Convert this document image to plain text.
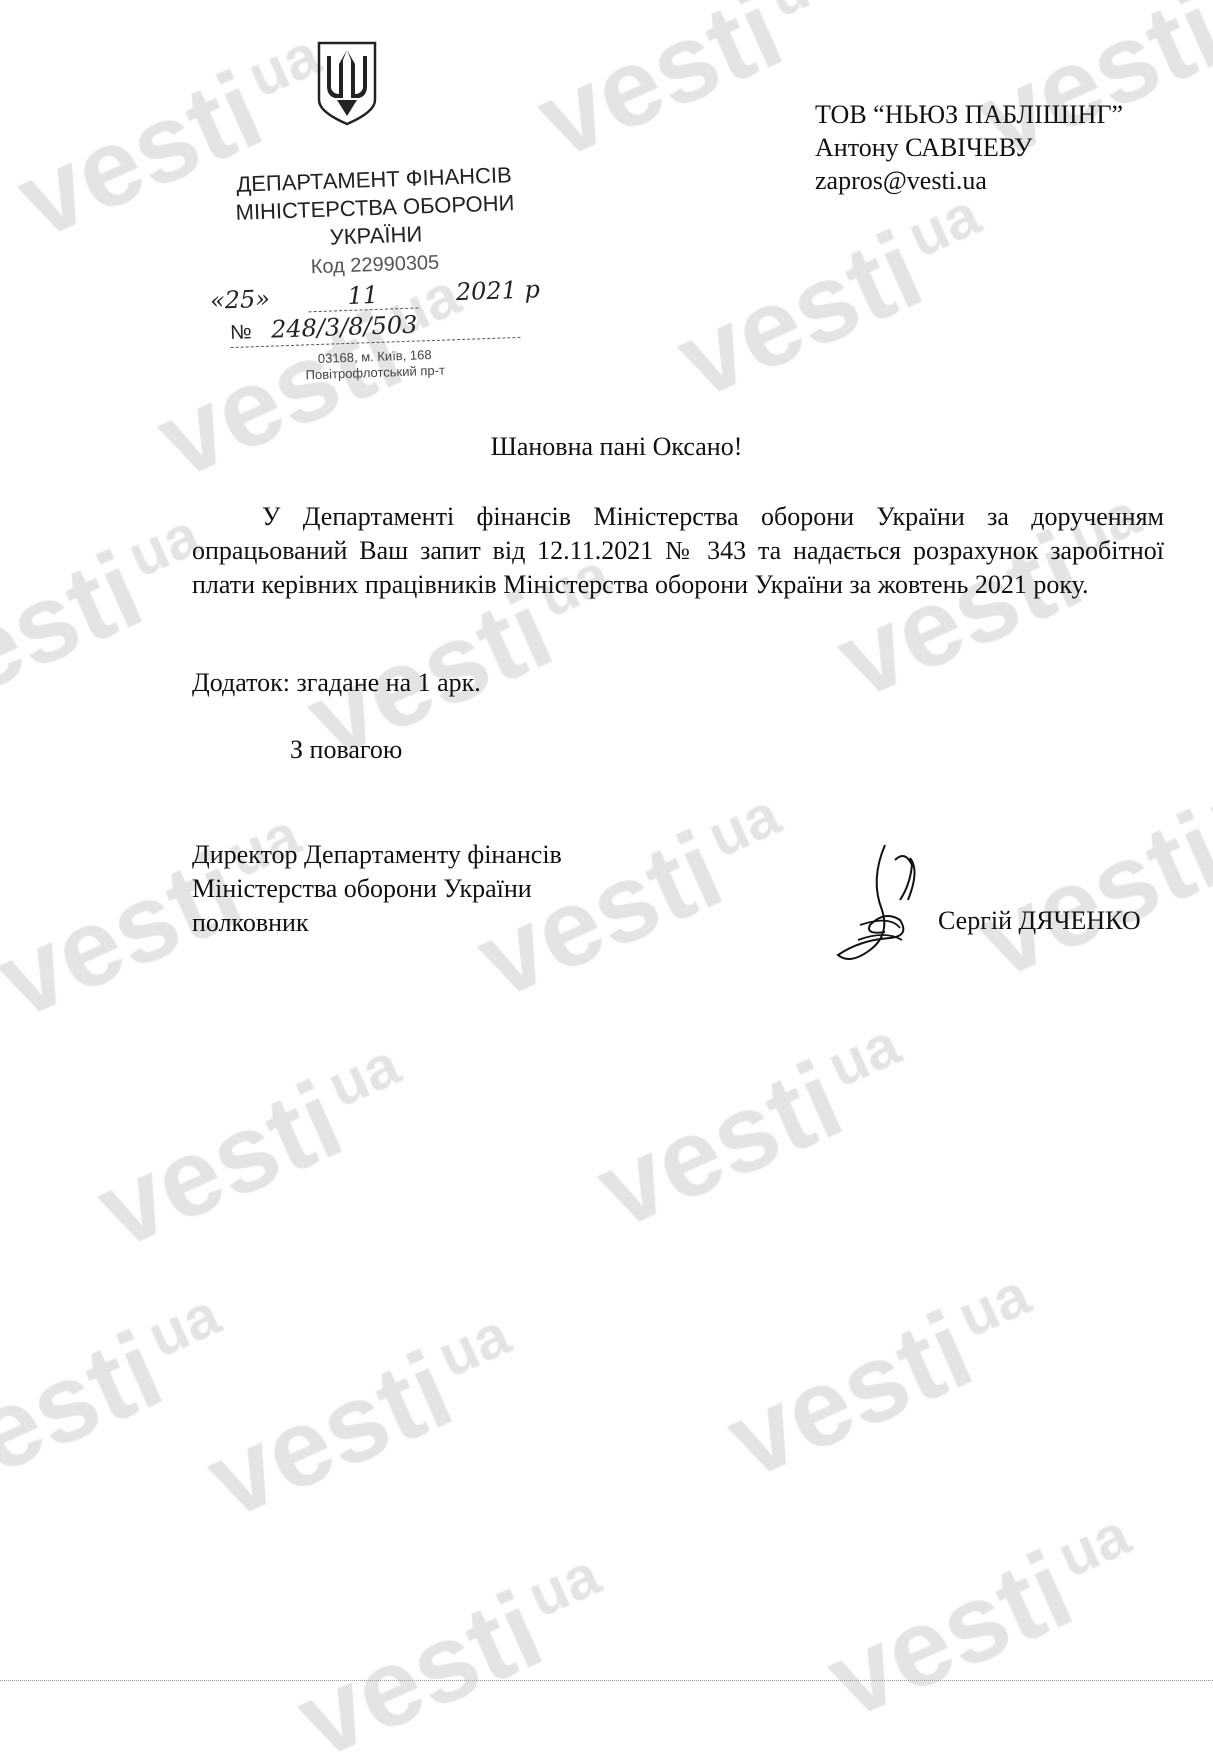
ДЕПАРТАМЕНТ ФІНАНСІВ
МІНІСТЕРСТВА ОБОРОНИ
УКРАЇНИ
Код 22990305
«25»	11	2021 р
№ 248/3/8/503
03168, м. Київ, 168
Повітрофлотський пр-т
ТОВ “НЬЮЗ ПАБЛІШІНГ”
Антону САВІЧЕВУ
zapros@vesti.ua
Шановна пані Оксано!

У Департаменті фінансів Міністерства оборони України за дорученням опрацьований Ваш запит від 12.11.2021 № 343 та надається розрахунок заробітної плати керівних працівників Міністерства оборони України за жовтень 2021 року.

Додаток: згадане на 1 арк.
З повагою
Директор Департаменту фінансів
Міністерства оборони України
полковник	Сергій ДЯЧЕНКО
